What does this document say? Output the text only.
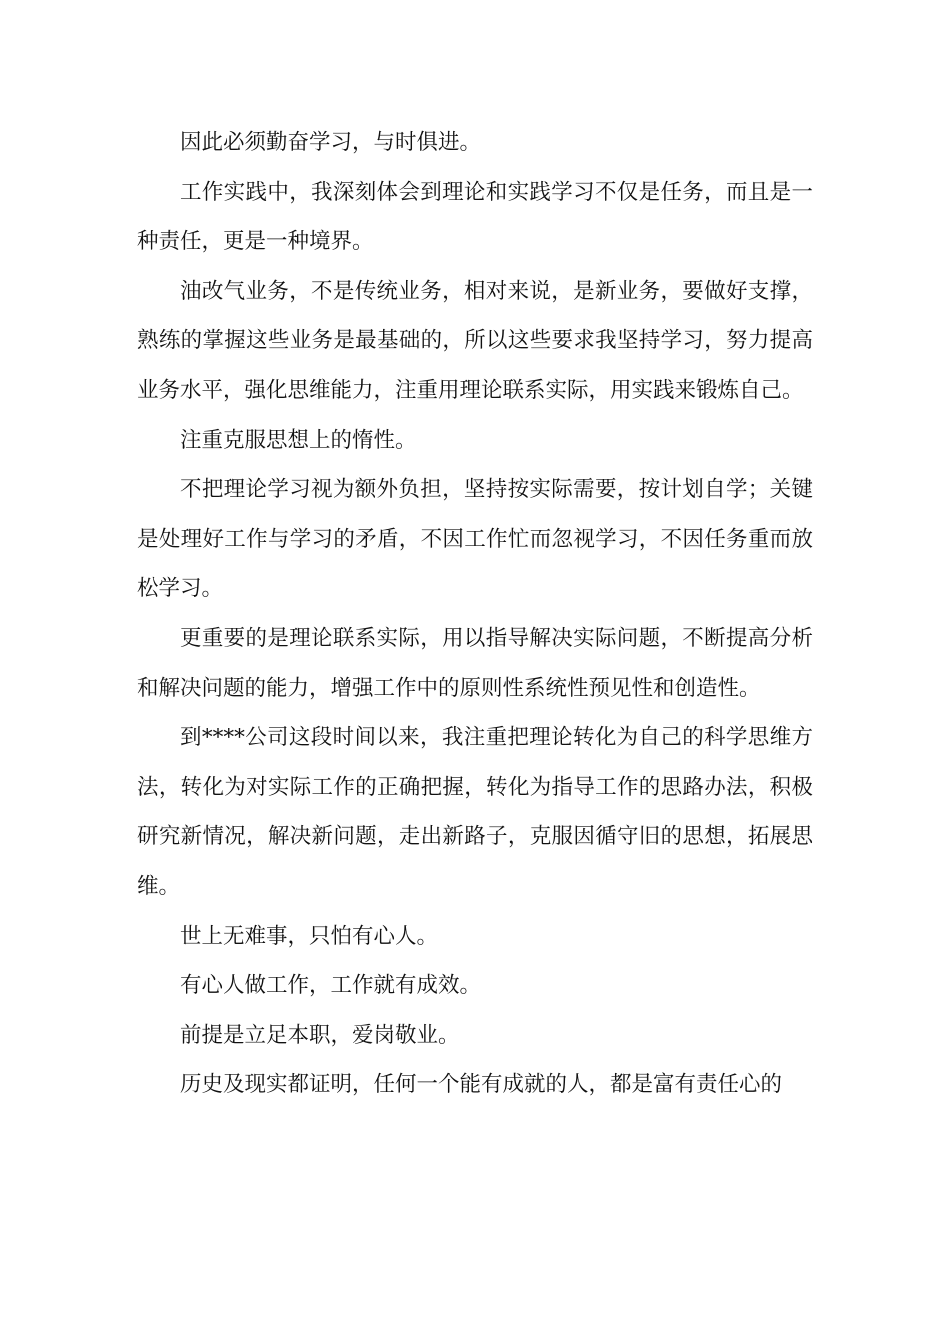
因此必须勤奋学习，与时俱进。

工作实践中，我深刻体会到理论和实践学习不仅是任务，而且是一种责任，更是一种境界。

油改气业务，不是传统业务，相对来说，是新业务，要做好支撑，熟练的掌握这些业务是最基础的，所以这些要求我坚持学习，努力提高业务水平，强化思维能力，注重用理论联系实际，用实践来锻炼自己。

注重克服思想上的惰性。

不把理论学习视为额外负担，坚持按实际需要，按计划自学；关键是处理好工作与学习的矛盾，不因工作忙而忽视学习，不因任务重而放松学习。

更重要的是理论联系实际，用以指导解决实际问题，不断提高分析和解决问题的能力，增强工作中的原则性系统性预见性和创造性。

到****公司这段时间以来，我注重把理论转化为自己的科学思维方法，转化为对实际工作的正确把握，转化为指导工作的思路办法，积极研究新情况，解决新问题，走出新路子，克服因循守旧的思想，拓展思维。

世上无难事，只怕有心人。

有心人做工作，工作就有成效。

前提是立足本职，爱岗敬业。

历史及现实都证明，任何一个能有成就的人，都是富有责任心的
